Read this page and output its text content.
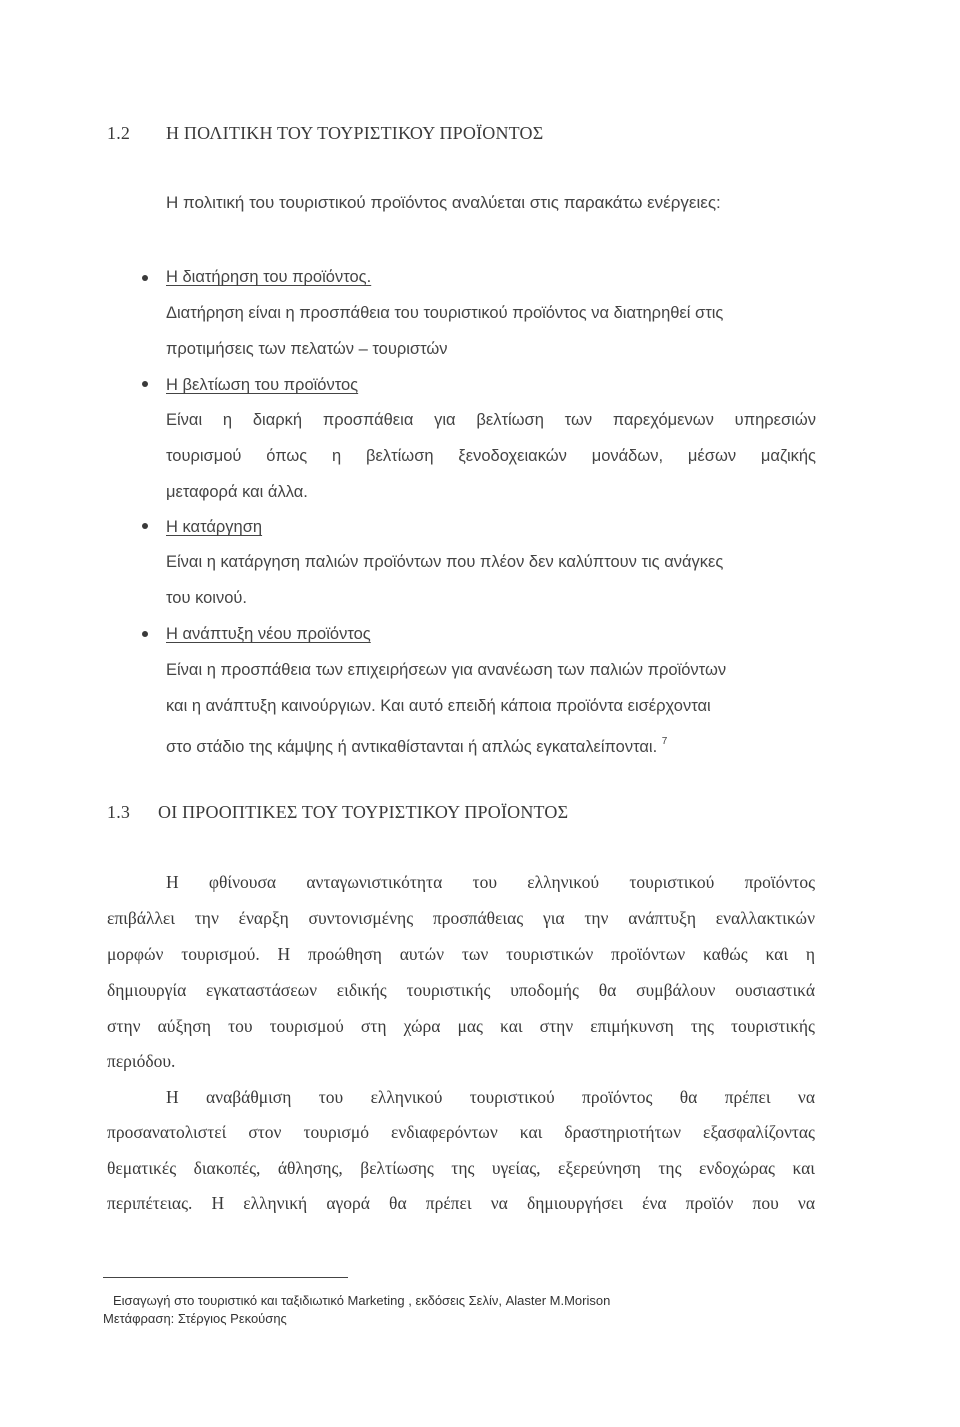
1.2 Η ΠΟΛΙΤΙΚΗ ΤΟΥ ΤΟΥΡΙΣΤΙΚΟΥ ΠΡΟΪΟΝΤΟΣ
Η πολιτική του τουριστικού προϊόντος αναλύεται στις παρακάτω ενέργειες:
Η διατήρηση του προϊόντος.
Διατήρηση είναι η προσπάθεια του τουριστικού προϊόντος να διατηρηθεί στις
προτιμήσεις των πελατών – τουριστών
Η βελτίωση του προϊόντος
Είναι η διαρκή προσπάθεια για βελτίωση των παρεχόμενων υπηρεσιών
τουρισμού όπως η βελτίωση ξενοδοχειακών μονάδων, μέσων μαζικής
μεταφορά και άλλα.
Η κατάργηση
Είναι η κατάργηση παλιών προϊόντων που πλέον δεν καλύπτουν τις ανάγκες
του κοινού.
Η ανάπτυξη νέου προϊόντος
Είναι η προσπάθεια των επιχειρήσεων για ανανέωση των παλιών προϊόντων
και η ανάπτυξη καινούργιων. Και αυτό επειδή κάποια προϊόντα εισέρχονται
στο στάδιο της κάμψης ή αντικαθίστανται ή απλώς εγκαταλείπονται. $^7$
1.3 ΟΙ ΠΡΟΟΠΤΙΚΕΣ ΤΟΥ ΤΟΥΡΙΣΤΙΚΟΥ ΠΡΟΪΟΝΤΟΣ
Η φθίνουσα ανταγωνιστικότητα του ελληνικού τουριστικού προϊόντος
επιβάλλει την έναρξη συντονισμένης προσπάθειας για την ανάπτυξη εναλλακτικών
μορφών τουρισμού. Η προώθηση αυτών των τουριστικών προϊόντων καθώς και η
δημιουργία εγκαταστάσεων ειδικής τουριστικής υποδομής θα συμβάλουν ουσιαστικά
στην αύξηση του τουρισμού στη χώρα μας και στην επιμήκυνση της τουριστικής
περιόδου.
Η αναβάθμιση του ελληνικού τουριστικού προϊόντος θα πρέπει να
προσανατολιστεί στον τουρισμό ενδιαφερόντων και δραστηριοτήτων εξασφαλίζοντας
θεματικές διακοπές, άθλησης, βελτίωσης της υγείας, εξερεύνηση της ενδοχώρας και
περιπέτειας. Η ελληνική αγορά θα πρέπει να δημιουργήσει ένα προϊόν που να
Εισαγωγή στο τουριστικό και ταξιδιωτικό Marketing , εκδόσεις Σελίν, Alaster M.Morison
Μετάφραση: Στέργιος Ρεκούσης
